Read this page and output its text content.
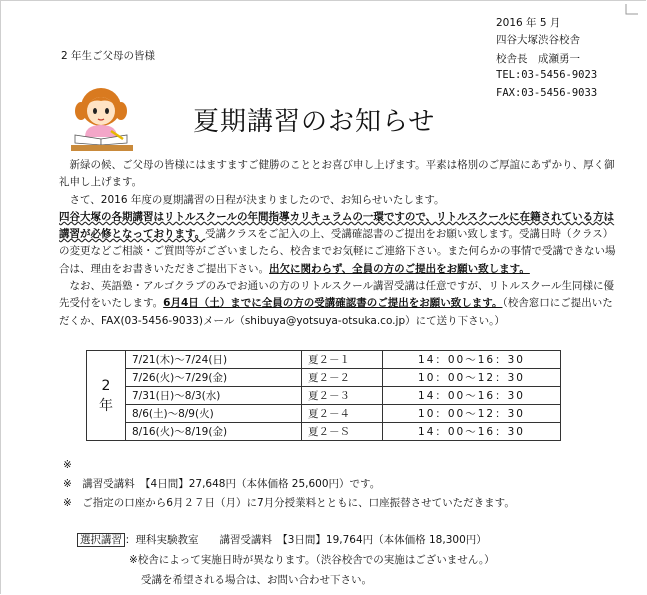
2016 年 5 月
四谷大塚渋谷校舎
校舎長　成瀬勇一
TEL:03-5456-9023
FAX:03-5456-9033
2 年生ご父母の皆様
夏期講習のお知らせ

　新緑の候、ご父母の皆様にはますますご健勝のこととお喜び申し上げます。平素は格別のご厚誼にあずかり、厚く御礼申し上げます。

　さて、2016 年度の夏期講習の日程が決まりましたので、お知らせいたします。

四谷大塚の各期講習はリトルスクールの年間指導カリキュラムの一環ですので、リトルスクールに在籍されている方は講習が必修となっております。受講クラスをご記入の上、受講確認書のご提出をお願い致します。受講日時（クラス）の変更などご相談・ご質問等がございましたら、校舎までお気軽にご連絡下さい。また何らかの事情で受講できない場合は、理由をお書きいただきご提出下さい。出欠に関わらず、全員の方のご提出をお願い致します。

　なお、英語塾・アルゴクラブのみでお通いの方のリトルスクール講習受講は任意ですが、リトルスクール生同様に優先受付をいたします。6月4日（土）までに全員の方の受講確認書のご提出をお願い致します。（校舎窓口にご提出いただくか、FAX(03-5456-9033)メール（shibuya@yotsuya-otsuka.co.jp）にて送り下さい。）

2
年	7/21(木)～7/24(日)	夏２－１	14：00～16：30
	7/26(火)～7/29(金)	夏２－２	10：00～12：30
	7/31(日)～8/3(水)	夏２－３	14：00～16：30
	8/6(土)～8/9(火)	夏２－４	10：00～12：30
	8/16(火)～8/19(金)	夏２－Ｓ	14：00～16：30
※
※　講習受講料　【4日間】27,648円（本体価格 25,600円）です。
※　ご指定の口座から6月２７日（月）に7月分授業料とともに、口座振替させていただきます。
選択講習 ：理科実験教室　　講習受講料　【3日間】19,764円（本体価格 18,300円）
※校舎によって実施日時が異なります。（渋谷校舎での実施はございません。）
受講を希望される場合は、お問い合わせ下さい。
